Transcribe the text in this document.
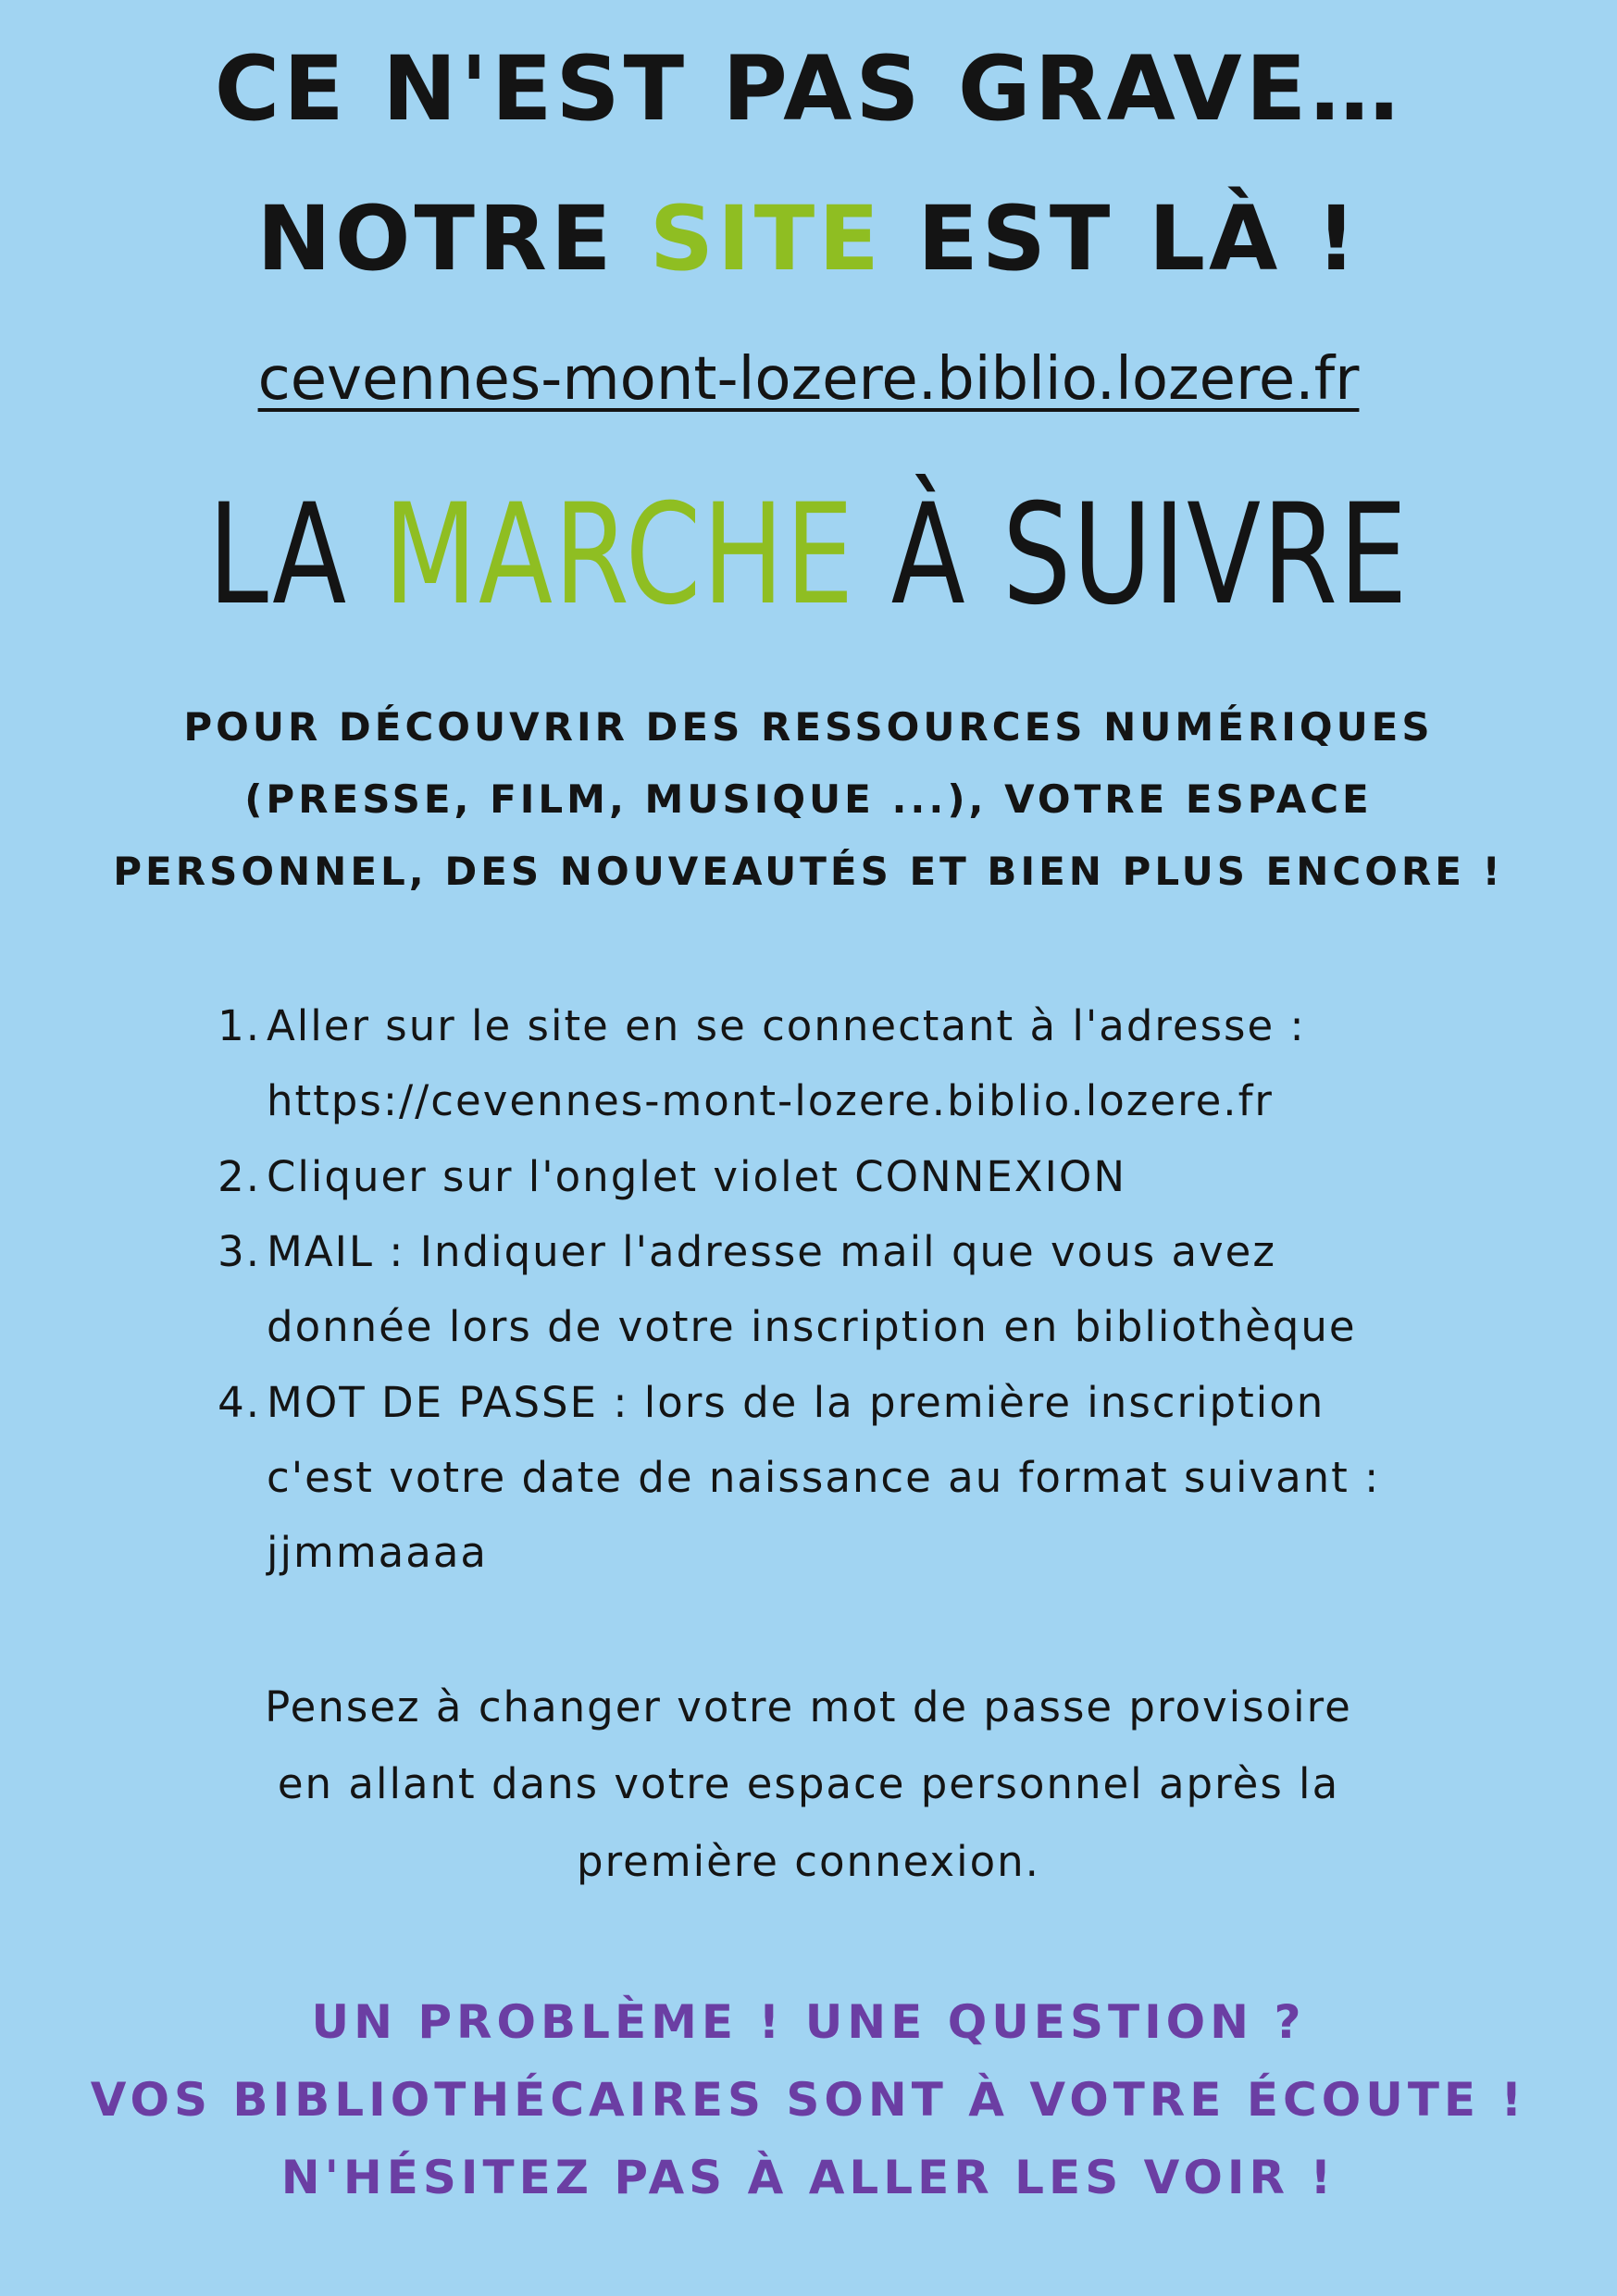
CE N'EST PAS GRAVE…
NOTRE SITE EST LÀ !
cevennes-mont-lozere.biblio.lozere.fr
LA MARCHE À SUIVRE
POUR DÉCOUVRIR DES RESSOURCES NUMÉRIQUES
(PRESSE, FILM, MUSIQUE ...), VOTRE ESPACE
PERSONNEL, DES NOUVEAUTÉS ET BIEN PLUS ENCORE !
1. Aller sur le site en se connectant à l'adresse :
https://cevennes-mont-lozere.biblio.lozere.fr
2. Cliquer sur l'onglet violet CONNEXION
3. MAIL : Indiquer l'adresse mail que vous avez
donnée lors de votre inscription en bibliothèque
4. MOT DE PASSE : lors de la première inscription
c'est votre date de naissance au format suivant :
jjmmaaaa
Pensez à changer votre mot de passe provisoire
en allant dans votre espace personnel après la
première connexion.
UN PROBLÈME ! UNE QUESTION ?
VOS BIBLIOTHÉCAIRES SONT À VOTRE ÉCOUTE !
N'HÉSITEZ PAS À ALLER LES VOIR !
